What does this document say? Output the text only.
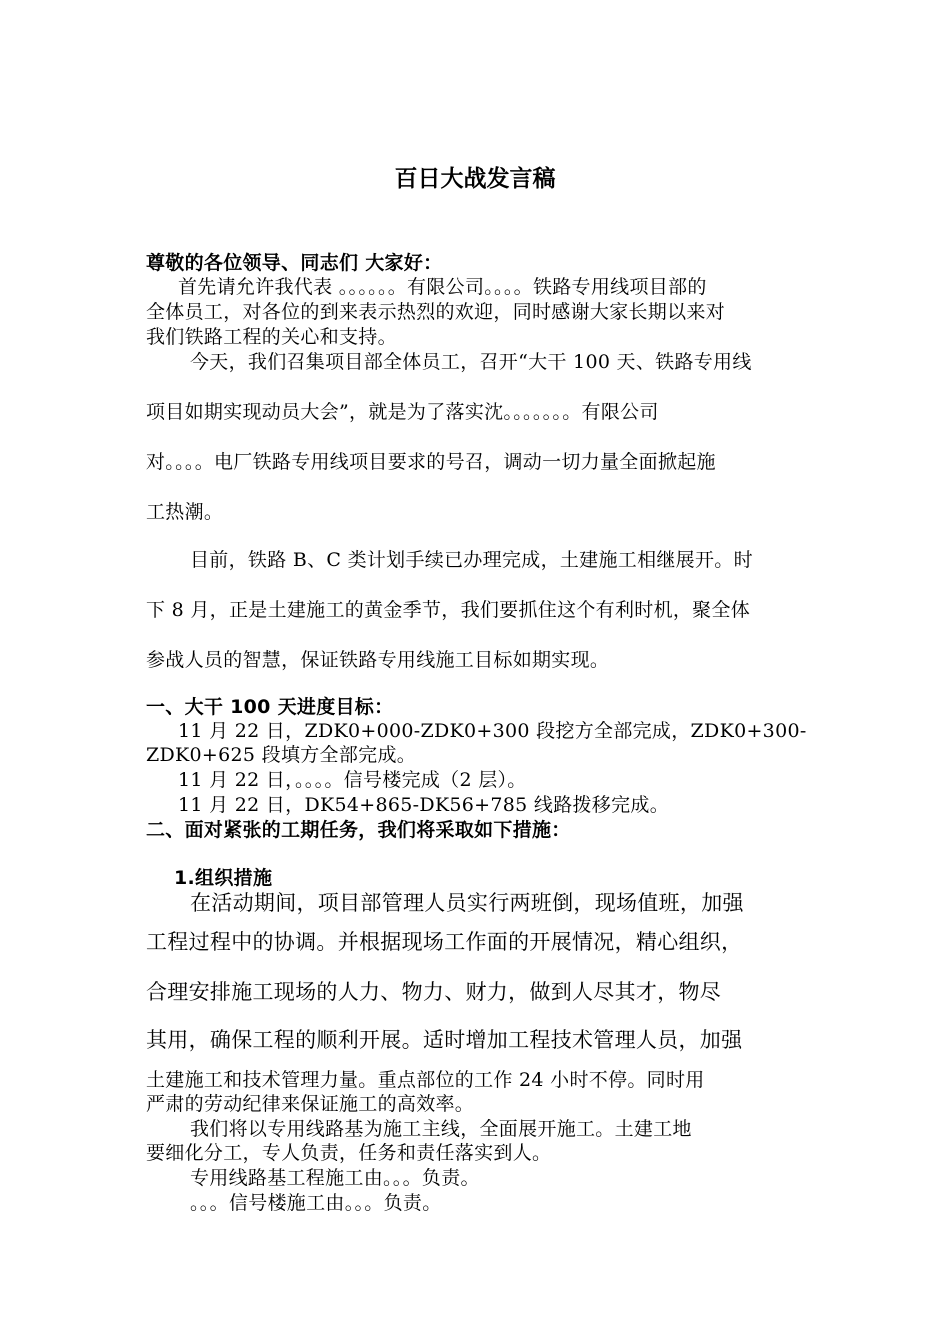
百日大战发言稿
尊敬的各位领导、同志们 大家好：
首先请允许我代表 。。。。。。有限公司。。。。铁路专用线项目部的
全体员工，对各位的到来表示热烈的欢迎，同时感谢大家长期以来对
我们铁路工程的关心和支持。
今天，我们召集项目部全体员工，召开“大干 100 天、铁路专用线
项目如期实现动员大会”，就是为了落实沈。。。。。。。有限公司
对。。。。电厂铁路专用线项目要求的号召，调动一切力量全面掀起施
工热潮。
目前，铁路 B、C 类计划手续已办理完成，土建施工相继展开。时
下 8 月，正是土建施工的黄金季节，我们要抓住这个有利时机，聚全体
参战人员的智慧，保证铁路专用线施工目标如期实现。
一、大干 100 天进度目标：
11 月 22 日，ZDK0+000-ZDK0+300 段挖方全部完成，ZDK0+300-
ZDK0+625 段填方全部完成。
11 月 22 日，。。。。信号楼完成（2 层）。
11 月 22 日，DK54+865-DK56+785 线路拨移完成。
二、面对紧张的工期任务，我们将采取如下措施：
1.组织措施
在活动期间，项目部管理人员实行两班倒，现场值班，加强
工程过程中的协调。并根据现场工作面的开展情况，精心组织，
合理安排施工现场的人力、物力、财力，做到人尽其才，物尽
其用，确保工程的顺利开展。适时增加工程技术管理人员，加强
土建施工和技术管理力量。重点部位的工作 24 小时不停。同时用
严肃的劳动纪律来保证施工的高效率。
我们将以专用线路基为施工主线，全面展开施工。土建工地
要细化分工，专人负责，任务和责任落实到人。
专用线路基工程施工由。。。负责。
。。。信号楼施工由。。。负责。
